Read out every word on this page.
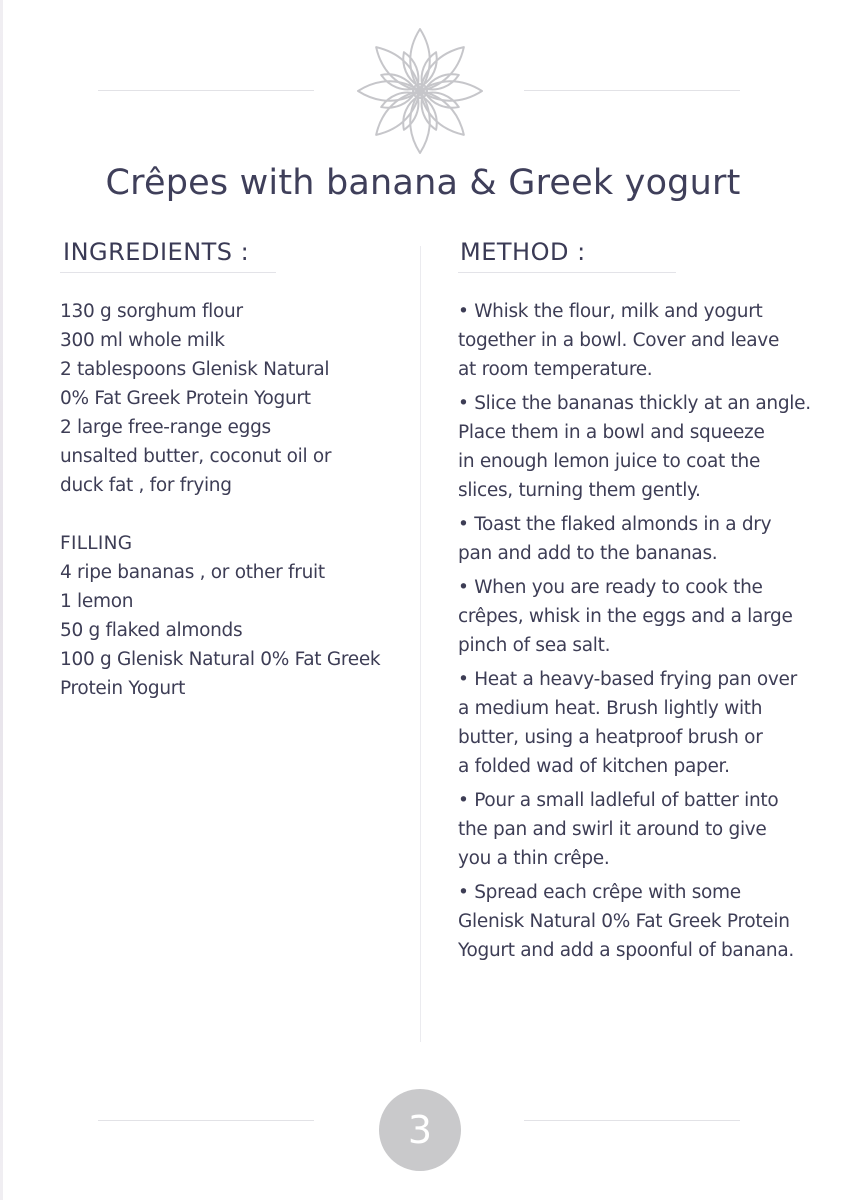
Crêpes with banana & Greek yogurt
INGREDIENTS :	METHOD :
130 g sorghum flour
300 ml whole milk
2 tablespoons Glenisk Natural
0% Fat Greek Protein Yogurt
2 large free-range eggs
unsalted butter, coconut oil or
duck fat , for frying
FILLING
4 ripe bananas , or other fruit
1 lemon
50 g flaked almonds
100 g Glenisk Natural 0% Fat Greek
Protein Yogurt
• Whisk the flour, milk and yogurt
together in a bowl. Cover and leave
at room temperature.
• Slice the bananas thickly at an angle.
Place them in a bowl and squeeze
in enough lemon juice to coat the
slices, turning them gently.
• Toast the flaked almonds in a dry
pan and add to the bananas.
• When you are ready to cook the
crêpes, whisk in the eggs and a large
pinch of sea salt.
• Heat a heavy-based frying pan over
a medium heat. Brush lightly with
butter, using a heatproof brush or
a folded wad of kitchen paper.
• Pour a small ladleful of batter into
the pan and swirl it around to give
you a thin crêpe.
• Spread each crêpe with some
Glenisk Natural 0% Fat Greek Protein
Yogurt and add a spoonful of banana.
3
